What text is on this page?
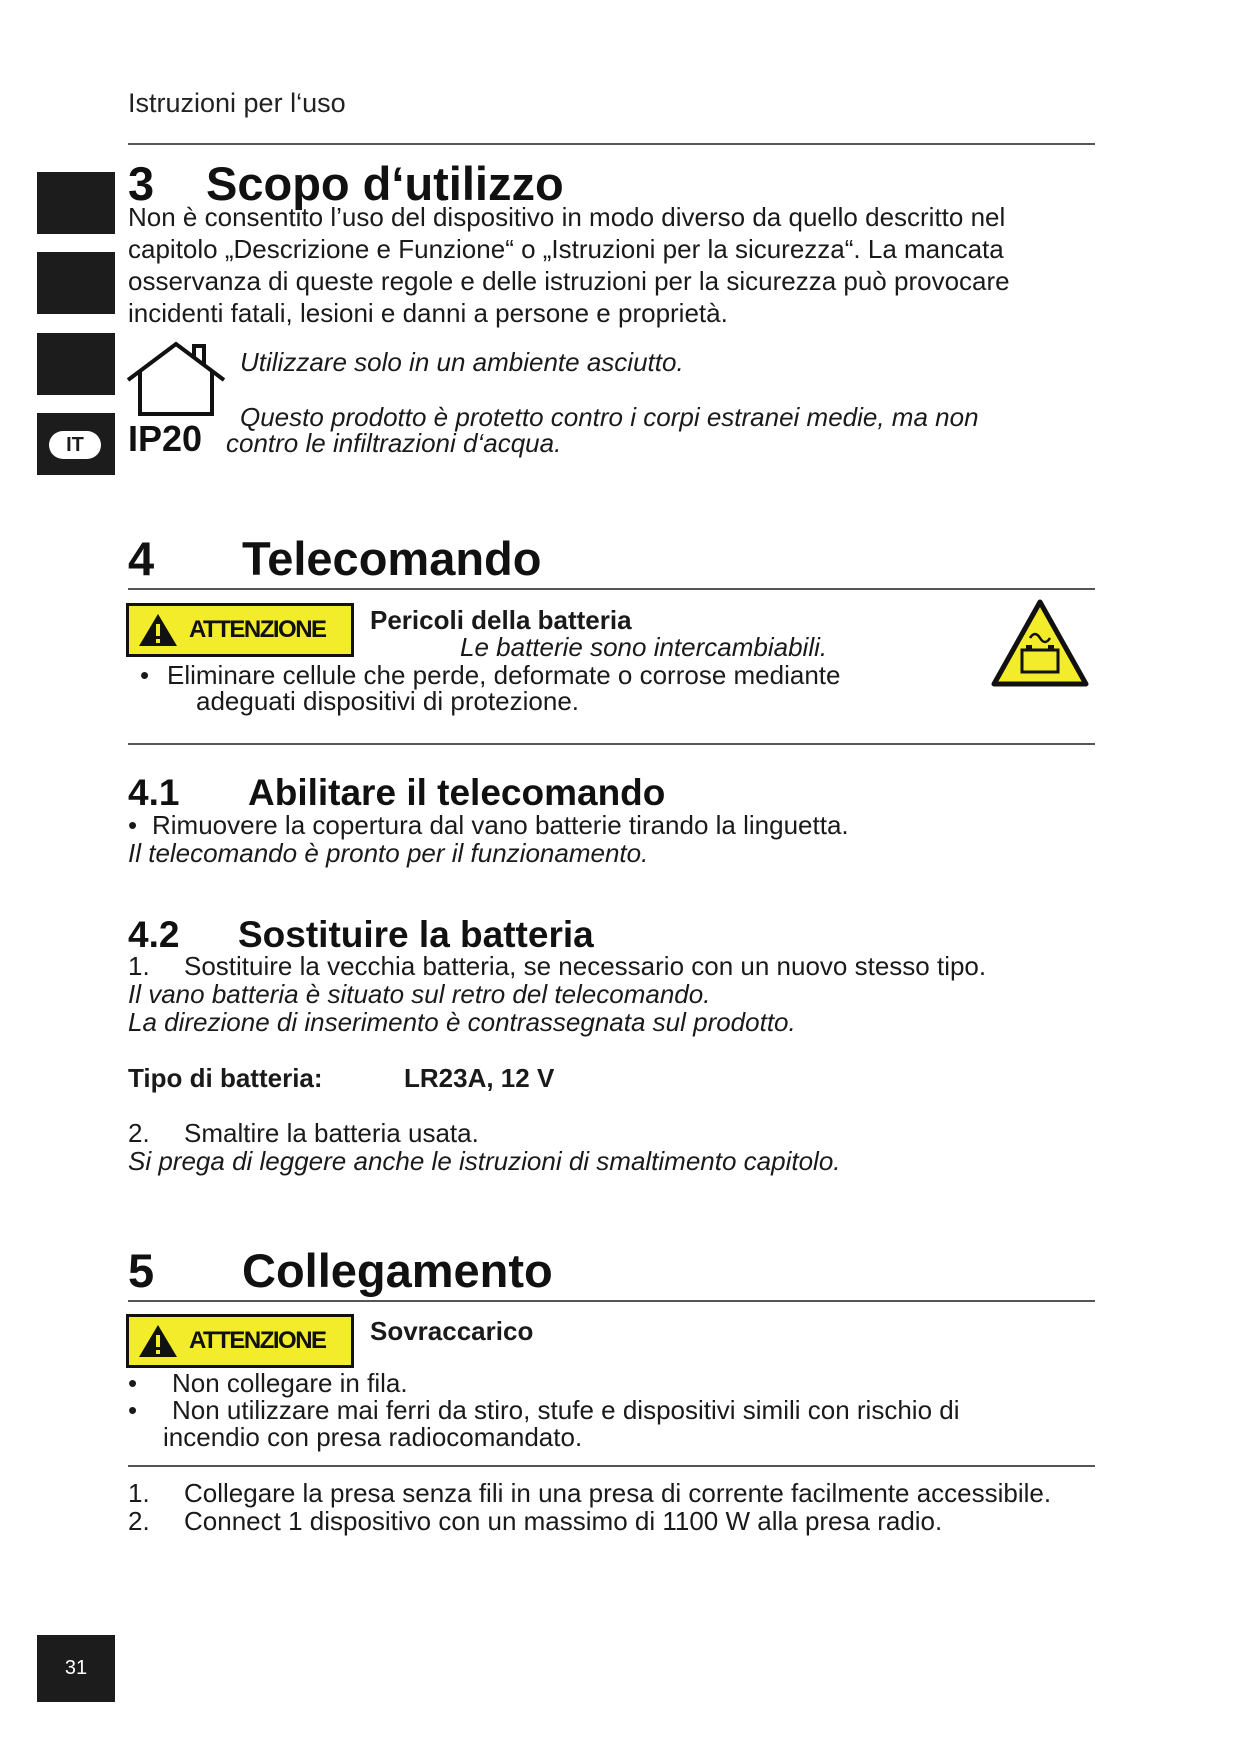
Istruzioni per l‘uso
IT
3 Scopo d‘utilizzo
Non è consentito l’uso del dispositivo in modo diverso da quello descritto nel
capitolo „Descrizione e Funzione“ o „Istruzioni per la sicurezza“. La mancata
osservanza di queste regole e delle istruzioni per la sicurezza può provocare
incidenti fatali, lesioni e danni a persone e proprietà.
Utilizzare solo in un ambiente asciutto.
Questo prodotto è protetto contro i corpi estranei medie, ma non
IP20 contro le infiltrazioni d‘acqua.
4 Telecomando
ATTENZIONE Pericoli della batteria
Le batterie sono intercambiabili.
• Eliminare cellule che perde, deformate o corrose mediante
adeguati dispositivi di protezione.
4.1 Abilitare il telecomando
• Rimuovere la copertura dal vano batterie tirando la linguetta.
Il telecomando è pronto per il funzionamento.
4.2 Sostituire la batteria
1. Sostituire la vecchia batteria, se necessario con un nuovo stesso tipo.
Il vano batteria è situato sul retro del telecomando.
La direzione di inserimento è contrassegnata sul prodotto.
Tipo di batteria:	LR23A, 12 V
2. Smaltire la batteria usata.
Si prega di leggere anche le istruzioni di smaltimento capitolo.
5 Collegamento
ATTENZIONE Sovraccarico
• Non collegare in fila.
• Non utilizzare mai ferri da stiro, stufe e dispositivi simili con rischio di
incendio con presa radiocomandato.
1. Collegare la presa senza fili in una presa di corrente facilmente accessibile.
2. Connect 1 dispositivo con un massimo di 1100 W alla presa radio.
31
